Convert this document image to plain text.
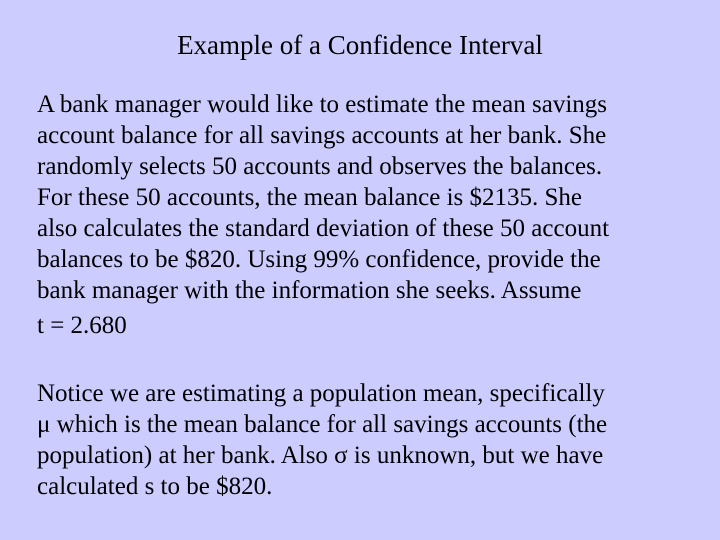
Example of a Confidence Interval
A bank manager would like to estimate the mean savings
account balance for all savings accounts at her bank. She
randomly selects 50 accounts and observes the balances.
For these 50 accounts, the mean balance is $2135. She
also calculates the standard deviation of these 50 account
balances to be $820. Using 99% confidence, provide the
bank manager with the information she seeks. Assume
t = 2.680
Notice we are estimating a population mean, specifically
μ which is the mean balance for all savings accounts (the
population) at her bank. Also σ is unknown, but we have
calculated s to be $820.
